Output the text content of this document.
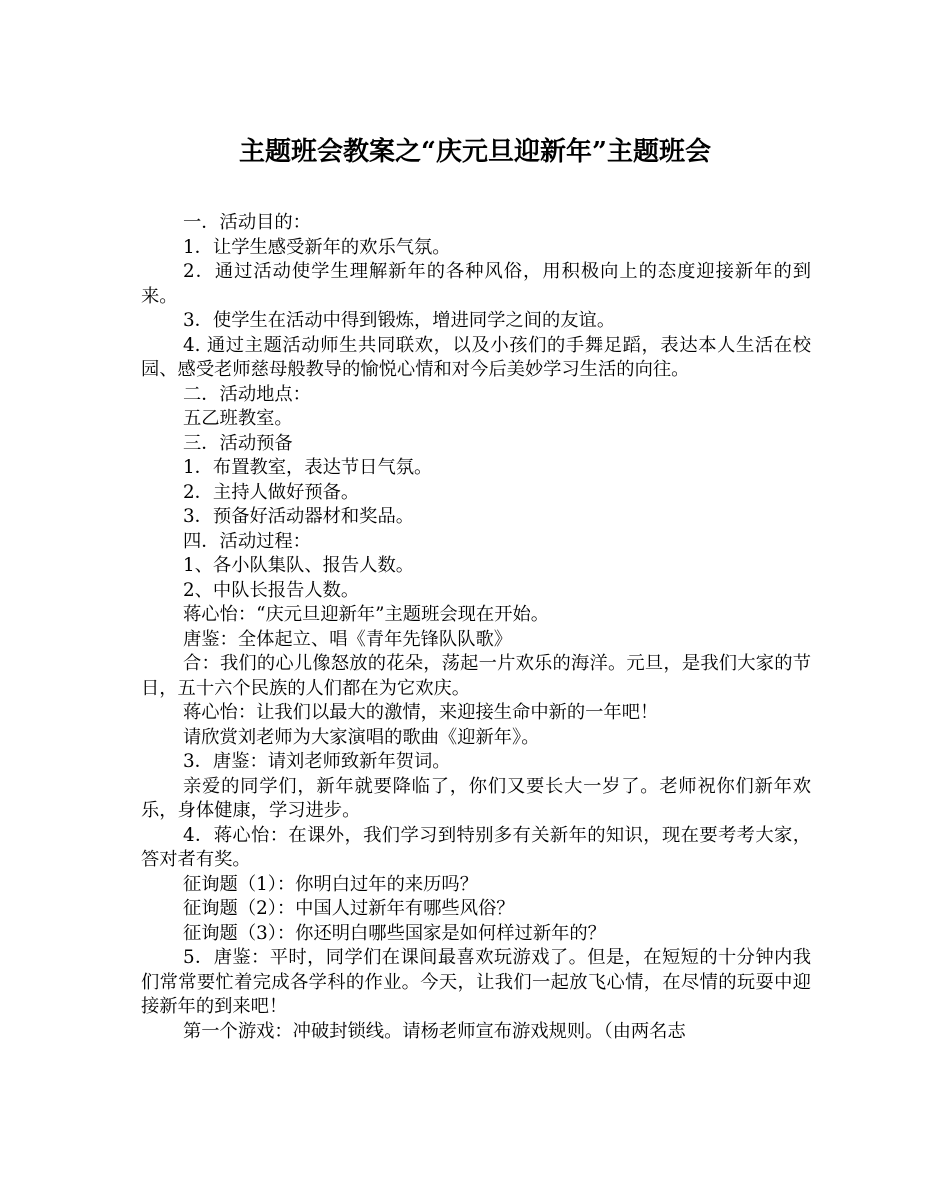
主题班会教案之“庆元旦迎新年”主题班会

一．活动目的：

1．让学生感受新年的欢乐气氛。

2．通过活动使学生理解新年的各种风俗，用积极向上的态度迎接新年的到来。

3．使学生在活动中得到锻炼，增进同学之间的友谊。

4. 通过主题活动师生共同联欢，以及小孩们的手舞足蹈，表达本人生活在校园、感受老师慈母般教导的愉悦心情和对今后美妙学习生活的向往。

二．活动地点：

五乙班教室。

三．活动预备

1．布置教室，表达节日气氛。

2．主持人做好预备。

3．预备好活动器材和奖品。

四．活动过程：

1、各小队集队、报告人数。

2、中队长报告人数。

蒋心怡：“庆元旦迎新年”主题班会现在开始。

唐鉴：全体起立、唱《青年先锋队队歌》

合：我们的心儿像怒放的花朵，荡起一片欢乐的海洋。元旦，是我们大家的节日，五十六个民族的人们都在为它欢庆。

蒋心怡：让我们以最大的激情，来迎接生命中新的一年吧！

请欣赏刘老师为大家演唱的歌曲《迎新年》。

3．唐鉴：请刘老师致新年贺词。

亲爱的同学们，新年就要降临了，你们又要长大一岁了。老师祝你们新年欢乐，身体健康，学习进步。

4．蒋心怡：在课外，我们学习到特别多有关新年的知识，现在要考考大家，答对者有奖。

征询题（1）：你明白过年的来历吗？

征询题（2）：中国人过新年有哪些风俗？

征询题（3）：你还明白哪些国家是如何样过新年的？

5．唐鉴：平时，同学们在课间最喜欢玩游戏了。但是，在短短的十分钟内我们常常要忙着完成各学科的作业。今天，让我们一起放飞心情，在尽情的玩耍中迎接新年的到来吧！

第一个游戏：冲破封锁线。请杨老师宣布游戏规则。（由两名志
